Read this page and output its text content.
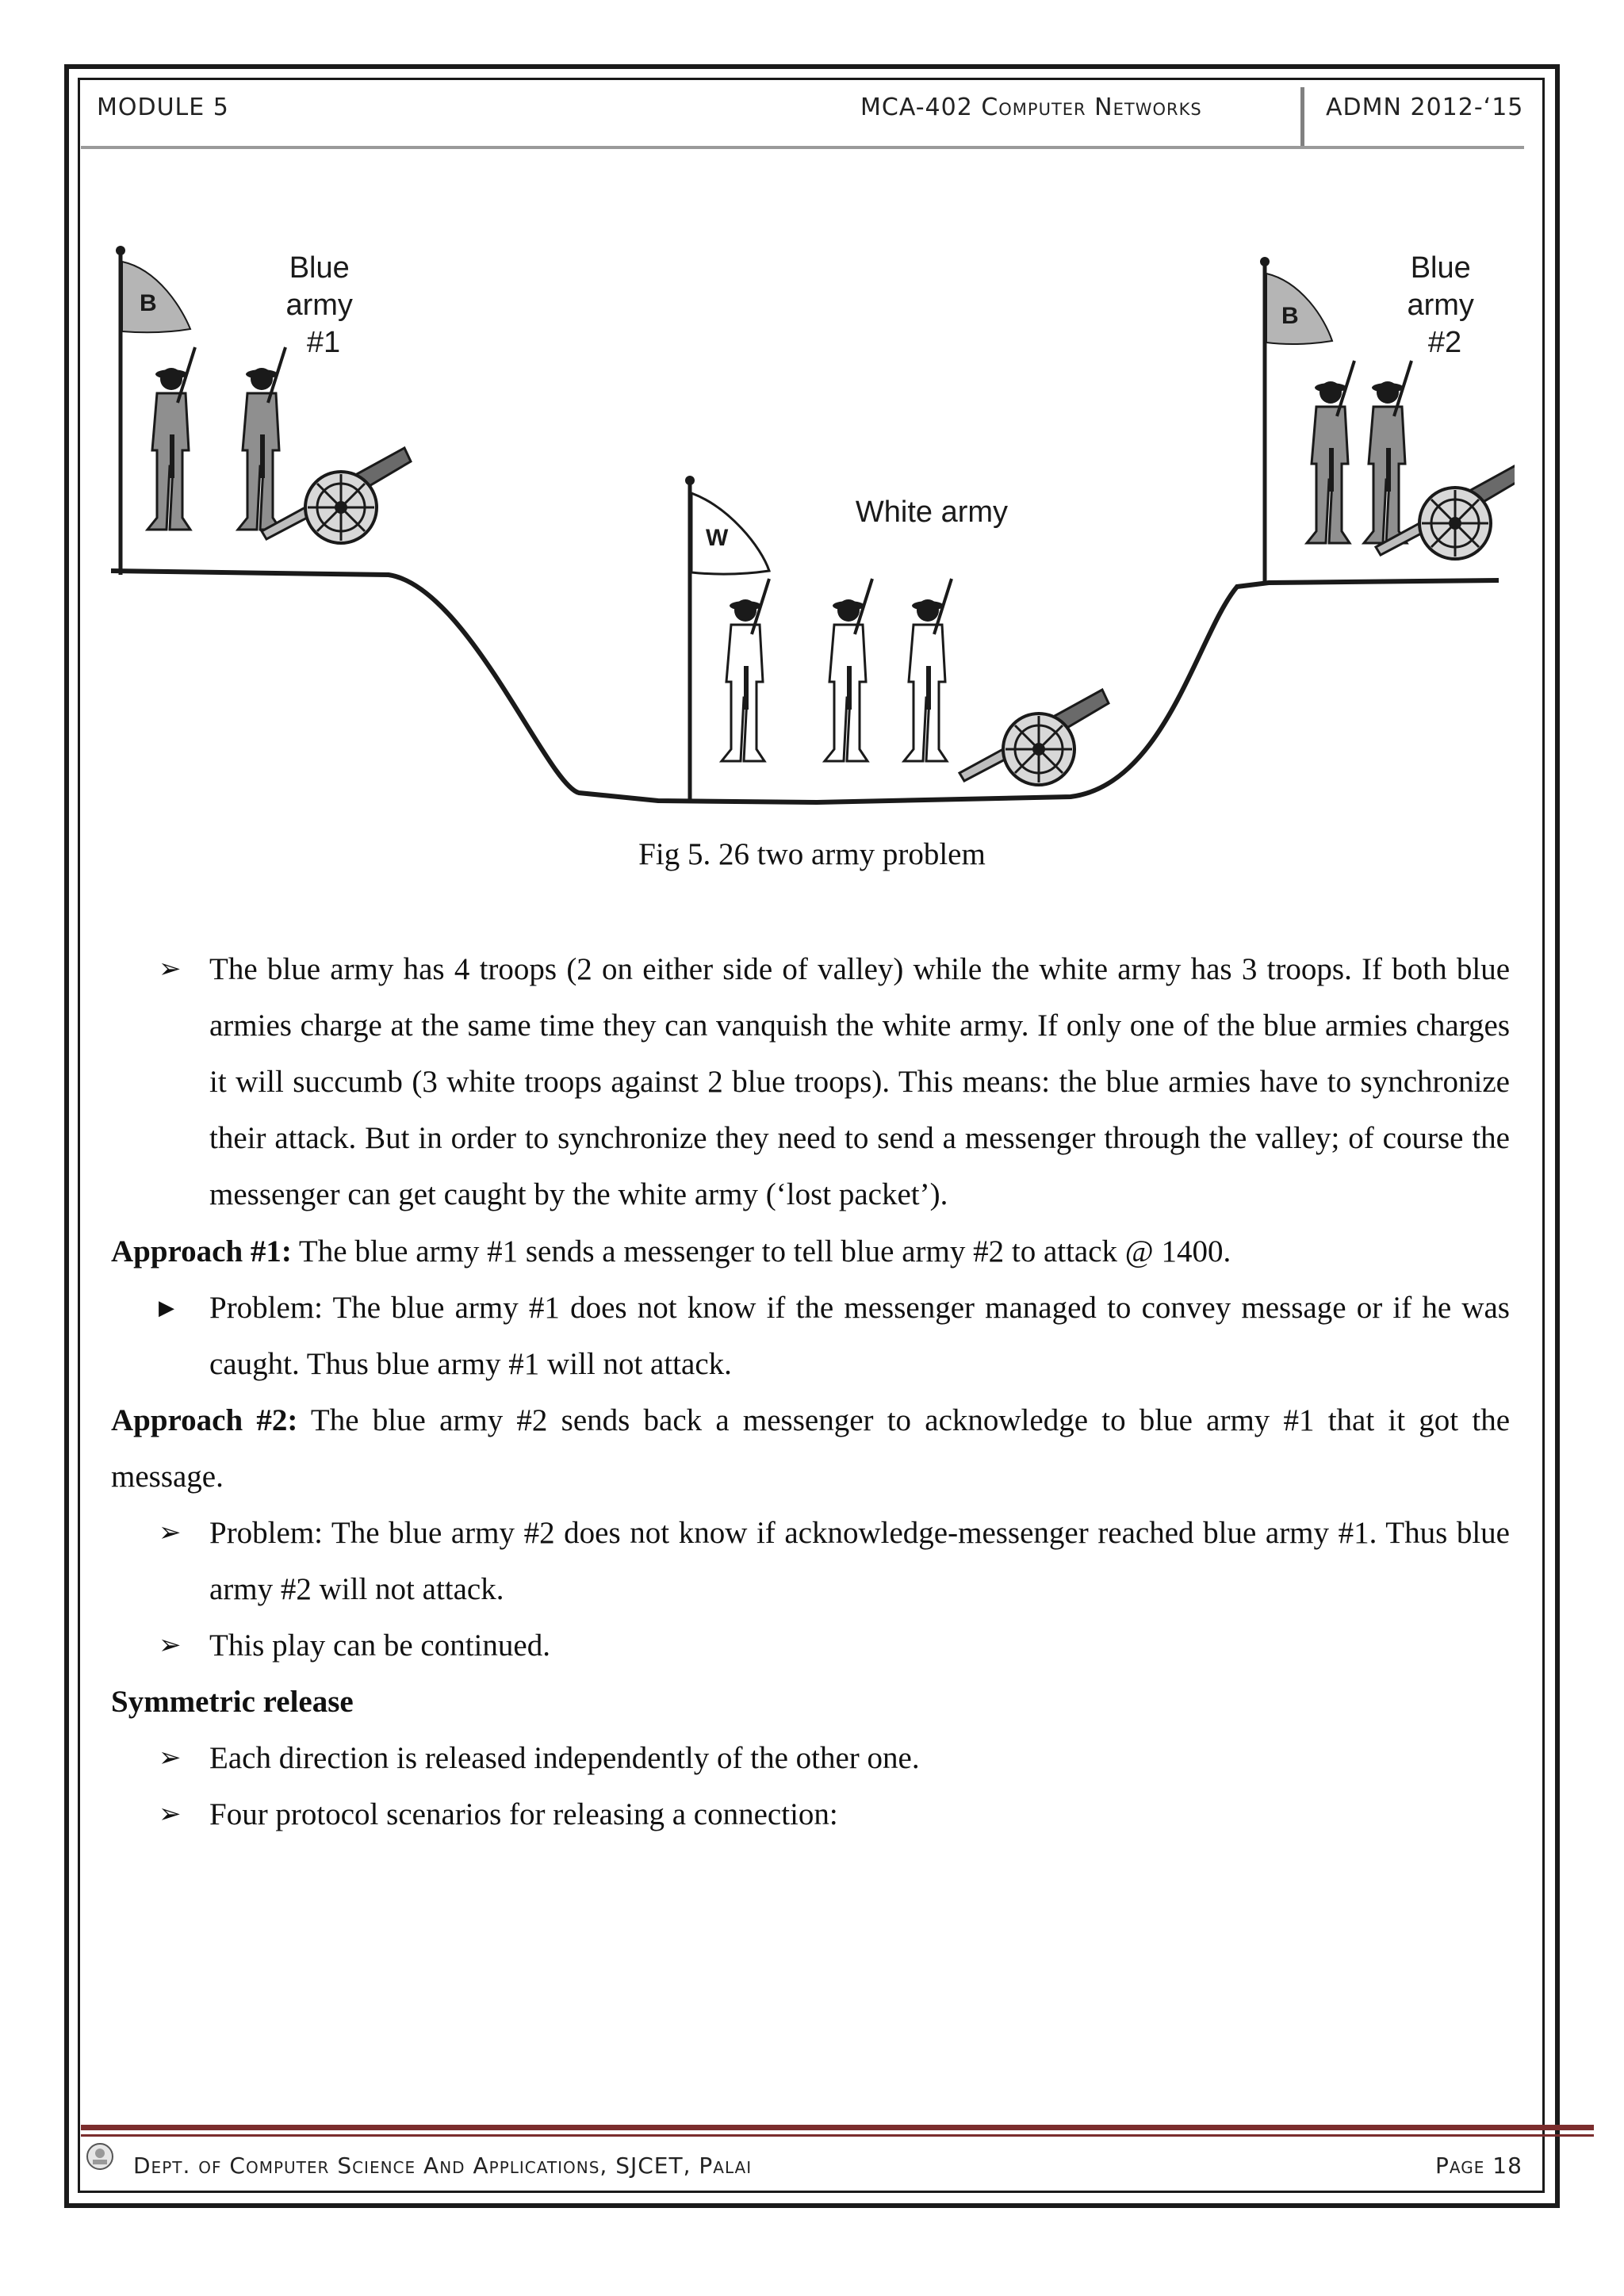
MODULE 5	MCA-402 Computer Networks	ADMN 2012-‘15
B
Blue army #1
B
Blue army #2
W
White army
Fig 5. 26 two army problem
➢ The blue army has 4 troops (2 on either side of valley) while the white army has 3 troops. If both blue armies charge at the same time they can vanquish the white army. If only one of the blue armies charges it will succumb (3 white troops against 2 blue troops). This means: the blue armies have to synchronize their attack. But in order to synchronize they need to send a messenger through the valley; of course the messenger can get caught by the white army (‘lost packet’).
Approach #1: The blue army #1 sends a messenger to tell blue army #2 to attack @ 1400.
▶	Problem: The blue army #1 does not know if the messenger managed to convey message or if he was caught. Thus blue army #1 will not attack.
Approach #2: The blue army #2 sends back a messenger to acknowledge to blue army #1 that it got the message.
➢ Problem: The blue army #2 does not know if acknowledge-messenger reached blue army #1. Thus blue army #2 will not attack.
➢ This play can be continued.
Symmetric release
➢ Each direction is released independently of the other one.
➢ Four protocol scenarios for releasing a connection:
Dept. of Computer Science And Applications, SJCET, Palai	Page 18
